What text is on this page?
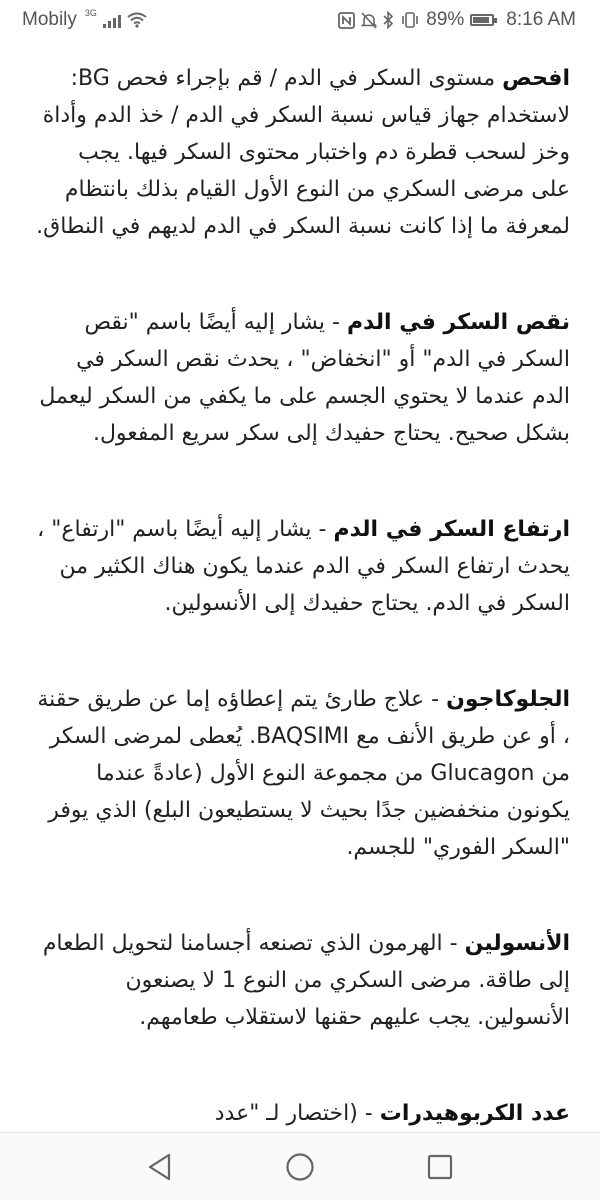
Mobily 3G	89% 8:16 AM

افحص مستوى السكر في الدم / قم بإجراء فحص BG: لاستخدام جهاز قياس نسبة السكر في الدم / خذ الدم وأداة وخز لسحب قطرة دم واختبار محتوى السكر فيها. يجب على مرضى السكري من النوع الأول القيام بذلك بانتظام لمعرفة ما إذا كانت نسبة السكر في الدم لديهم في النطاق.

نقص السكر في الدم - يشار إليه أيضًا باسم "نقص السكر في الدم" أو "انخفاض" ، يحدث نقص السكر في الدم عندما لا يحتوي الجسم على ما يكفي من السكر ليعمل بشكل صحيح. يحتاج حفيدك إلى سكر سريع المفعول.

ارتفاع السكر في الدم - يشار إليه أيضًا باسم "ارتفاع" ، يحدث ارتفاع السكر في الدم عندما يكون هناك الكثير من السكر في الدم. يحتاج حفيدك إلى الأنسولين.

الجلوكاجون - علاج طارئ يتم إعطاؤه إما عن طريق حقنة ، أو عن طريق الأنف مع BAQSIMI. يُعطى لمرضى السكر من Glucagon من مجموعة النوع الأول (عادةً عندما يكونون منخفضين جدًا بحيث لا يستطيعون البلع) الذي يوفر "السكر الفوري" للجسم.

الأنسولين - الهرمون الذي تصنعه أجسامنا لتحويل الطعام إلى طاقة. مرضى السكري من النوع 1 لا يصنعون الأنسولين. يجب عليهم حقنها لاستقلاب طعامهم.

عدد الكربوهيدرات - (اختصار لـ "عدد
